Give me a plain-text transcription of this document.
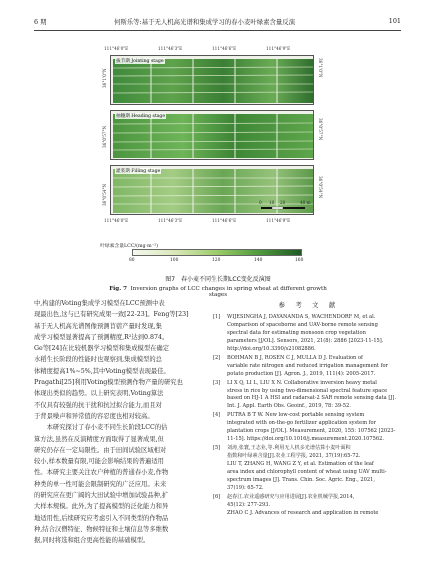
6 期	何斯乐等:基于无人机高光谱和集成学习的春小麦叶绿素含量反演	101
111°46'0"E	111°46'3"E	111°46'6"E	111°46'9"E
36°1'0"N
36°0'57"N
36°0'54"N
36°1'0"N
36°0'57"N
36°0'54"N
拔节期 Jointing stage
抽穗期 Heading stage
灌浆期 Filling stage
0 10 20	40 m
111°46'0"E	111°46'3"E	111°46'6"E	111°46'9"E
叶绿素含量LCC/(mg·m⁻²)
80	100	120	140	160
图7　春小麦不同生长期LCC变化反演图
Fig. 7 Inversion graphs of LCC changes in spring wheat at different growth stages

中,构建的Voting集成学习模型在LCC预测中表

现最出色,这与已有研究成果一致[22-23]。Feng等[23]

基于无人机高光谱图像预测苜蓿产量时发现,集

成学习模型显著提高了预测精度,R²达到0.874。

Ge等[24]在比较机器学习模型和集成模型在确定

水稻生长阶段的性能时也观察到,集成模型的总

体精度提高1%~5%,其中Voting模型表现最佳。

Pragathi[25]利用Voting模型预测作物产量的研究也

体现出类似的趋势。以上研究表明,Voting算法

不仅具有较强的抗干扰和抗过拟合能力,而且对

于背景噪声和异常值的容忍度也相对较高。

　　本研究探讨了春小麦不同生长阶段LCC的估

算方法,虽然在反演精度方面取得了显著成果,但

研究仍存在一定局限性。由于田间试验区域相对

较小,样本数量有限,可能会影响结果的普遍适用

性。本研究主要关注农户种植的普通春小麦,作物

种类的单一性可能会限制研究的广泛应用。未来

的研究应在更广阔的大田试验中增加试验品种,扩

大样本规模。此外,为了提高模型的泛化能力和异

地适用性,后续研究应考虑引入不同类型的作物品

种,结合汉僧特征、物候特征和土壤信息等多维数

据,同时将选和组合更高性能的基础模型。

参　考　文　献
[1] WIJESINGHA J, DAYANANDA S, WACHENDORF M, et al.
Comparison of spaceborne and UAV-borne remote sensing
spectral data for estimating monsoon crop vegetation
parameters [J/OL]. Sensors, 2021, 21(8): 2886 [2023-11-15].
http://doi.org/10.3390/s21082886.
[2] BOHMAN B J, ROSEN C J, MULLA D J. Evaluation of
variable rate nitrogen and reduced irrigation management for
potato production [J]. Agron. J., 2019, 111(4): 2005-2017.
[3] LI X Q, LI L, LIU X N. Collaborative inversion heavy metal
stress in rice by using two-dimensional spectral feature space
based on HJ-1 A HSI and radarsat-2 SAR remote sensing data [J].
Int. J. Appl. Earth Obs. Geoinf., 2019, 78: 39-52.
[4] PUTRA B T W. New low-cost portable sensing system
integrated with on-the-go fertilizer application system for
plantation crops [J/OL]. Measurement, 2020, 155: 107562 [2023-
11-15]. https://doi.org/10.1016/j.measurement.2020.107562.
[5] 刘涛,张寰,王志业,等.利用无人机多光谱估算小麦叶面积
指数和叶绿素含量[J].农业工程学报, 2021, 37(19):65-72.
LIU T, ZHANG H, WANG Z Y, et al. Estimation of the leaf
area index and chlorophyll content of wheat using UAV multi-
spectrum images [J]. Trans. Chin. Soc. Agric. Eng., 2021,
37(19): 65-72.
[6] 赵春江.农业遥感研究与应用进展[J].农业机械学报,2014,
45(12): 277-293.
ZHAO C J. Advances of research and application in remote
